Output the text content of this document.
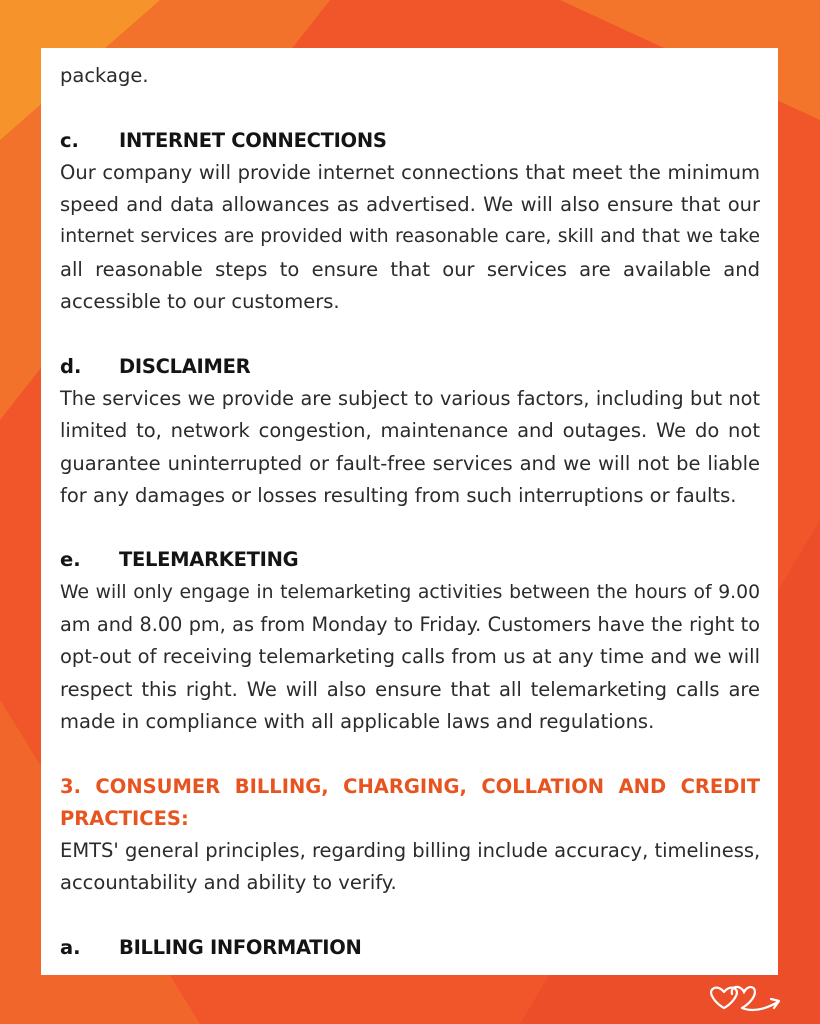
package.
c.	INTERNET CONNECTIONS
Our company will provide internet connections that meet the minimum
speed and data allowances as advertised. We will also ensure that our
internet services are provided with reasonable care, skill and that we take
all reasonable steps to ensure that our services are available and
accessible to our customers.
d.	DISCLAIMER
The services we provide are subject to various factors, including but not
limited to, network congestion, maintenance and outages. We do not
guarantee uninterrupted or fault-free services and we will not be liable
for any damages or losses resulting from such interruptions or faults.
e.	TELEMARKETING
We will only engage in telemarketing activities between the hours of 9.00
am and 8.00 pm, as from Monday to Friday. Customers have the right to
opt-out of receiving telemarketing calls from us at any time and we will
respect this right. We will also ensure that all telemarketing calls are
made in compliance with all applicable laws and regulations.
3. CONSUMER BILLING, CHARGING, COLLATION AND CREDIT
PRACTICES:
EMTS' general principles, regarding billing include accuracy, timeliness,
accountability and ability to verify.
a.	BILLING INFORMATION
